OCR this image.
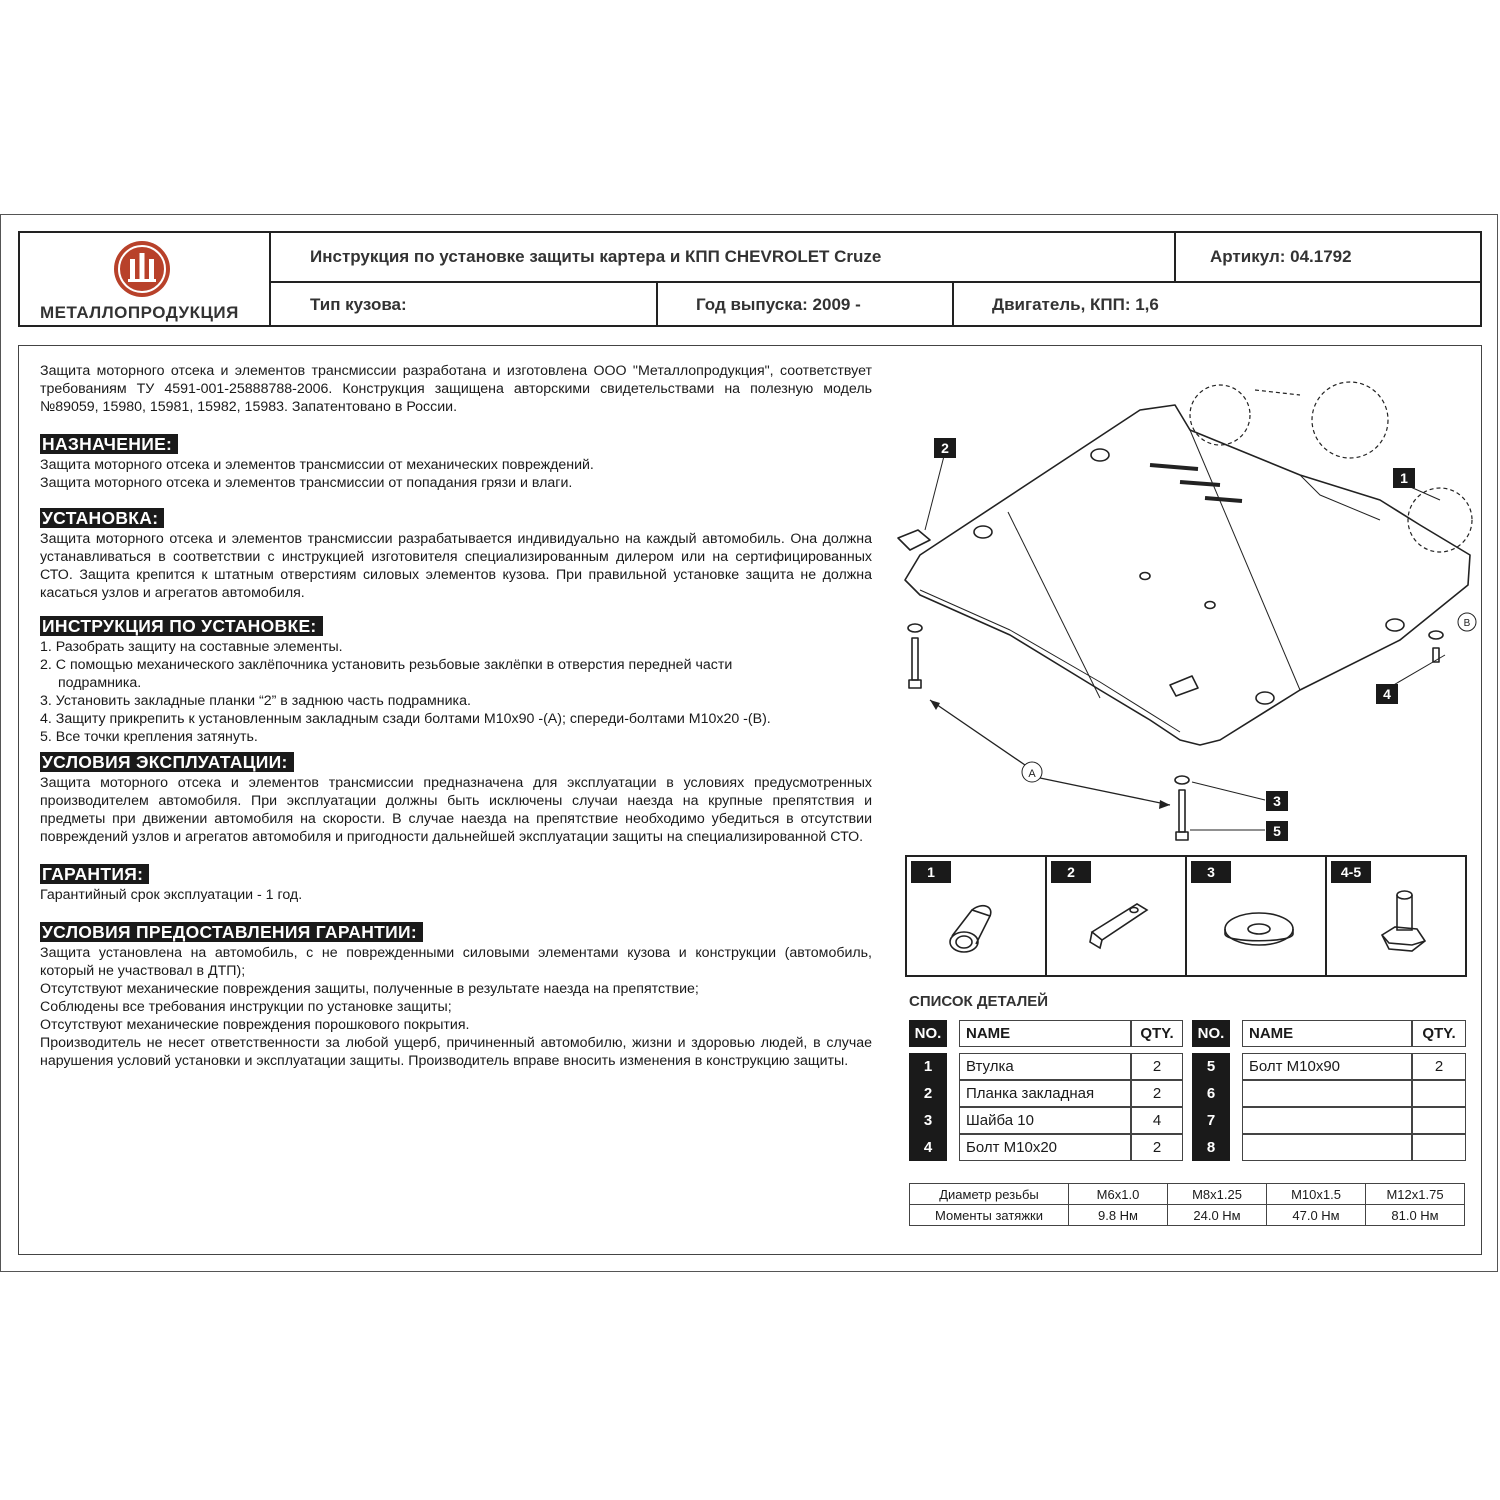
МЕТАЛЛОПРОДУКЦИЯ
Инструкция по установке защиты картера и КПП CHEVROLET Cruze	Артикул: 04.1792
Тип кузова:	Год выпуска: 2009 -	Двигатель, КПП: 1,6

Защита моторного отсека и элементов трансмиссии разработана и изготовлена ООО "Металлопродукция", соответствует требованиям ТУ 4591-001-25888788-2006. Конструкция защищена авторскими свидетельствами на полезную модель №89059, 15980, 15981, 15982, 15983. Запатентовано в России.

НАЗНАЧЕНИЕ:

Защита моторного отсека и элементов трансмиссии от механических повреждений.

Защита моторного отсека и элементов трансмиссии от попадания грязи и влаги.

УСТАНОВКА:

Защита моторного отсека и элементов трансмиссии разрабатывается индивидуально на каждый автомобиль. Она должна устанавливаться в соответствии с инструкцией изготовителя специализированным дилером или на сертифицированных СТО. Защита крепится к штатным отверстиям силовых элементов кузова. При правильной установке защита не должна касаться узлов и агрегатов автомобиля.

ИНСТРУКЦИЯ ПО УСТАНОВКЕ:

1. Разобрать защиту на составные элементы.

2. С помощью механического заклёпочника установить резьбовые заклёпки в отверстия передней части

подрамника.

3. Установить закладные планки “2” в заднюю часть подрамника.

4. Защиту прикрепить к установленным закладным сзади болтами М10х90 -(А); спереди-болтами М10х20 -(В).

5. Все точки крепления затянуть.

УСЛОВИЯ ЭКСПЛУАТАЦИИ:

Защита моторного отсека и элементов трансмиссии предназначена для эксплуатации в условиях предусмотренных производителем автомобиля. При эксплуатации должны быть исключены случаи наезда на крупные препятствия и предметы при движении автомобиля на скорости. В случае наезда на препятствие необходимо убедиться в отсутствии повреждений узлов и агрегатов автомобиля и пригодности дальнейшей эксплуатации защиты на специализированной СТО.

ГАРАНТИЯ:

Гарантийный срок эксплуатации - 1 год.

УСЛОВИЯ ПРЕДОСТАВЛЕНИЯ ГАРАНТИИ:

Защита установлена на автомобиль, с не поврежденными силовыми элементами кузова и конструкции (автомобиль, который не участвовал в ДТП);

Отсутствуют механические повреждения защиты, полученные в результате наезда на препятствие;

Соблюдены все требования инструкции по установке защиты;

Отсутствуют механические повреждения порошкового покрытия.

Производитель не несет ответственности за любой ущерб, причиненный автомобилю, жизни и здоровью людей, в случае нарушения условий установки и эксплуатации защиты. Производитель вправе вносить изменения в конструкцию защиты.

2
1
3
5
4
A
B
1	2	3	4-5
СПИСОК ДЕТАЛЕЙ
NO.		NAME	QTY.

1		Втулка	2
2		Планка закладная	2
3		Шайба 10	4
4		Болт М10х20	2
NO.		NAME	QTY.

5		Болт М10х90	2
6			
7			
8			
Диаметр резьбы	M6x1.0	M8x1.25	M10x1.5	M12x1.75
Моменты затяжки	9.8 Нм	24.0 Нм	47.0 Нм	81.0 Нм
